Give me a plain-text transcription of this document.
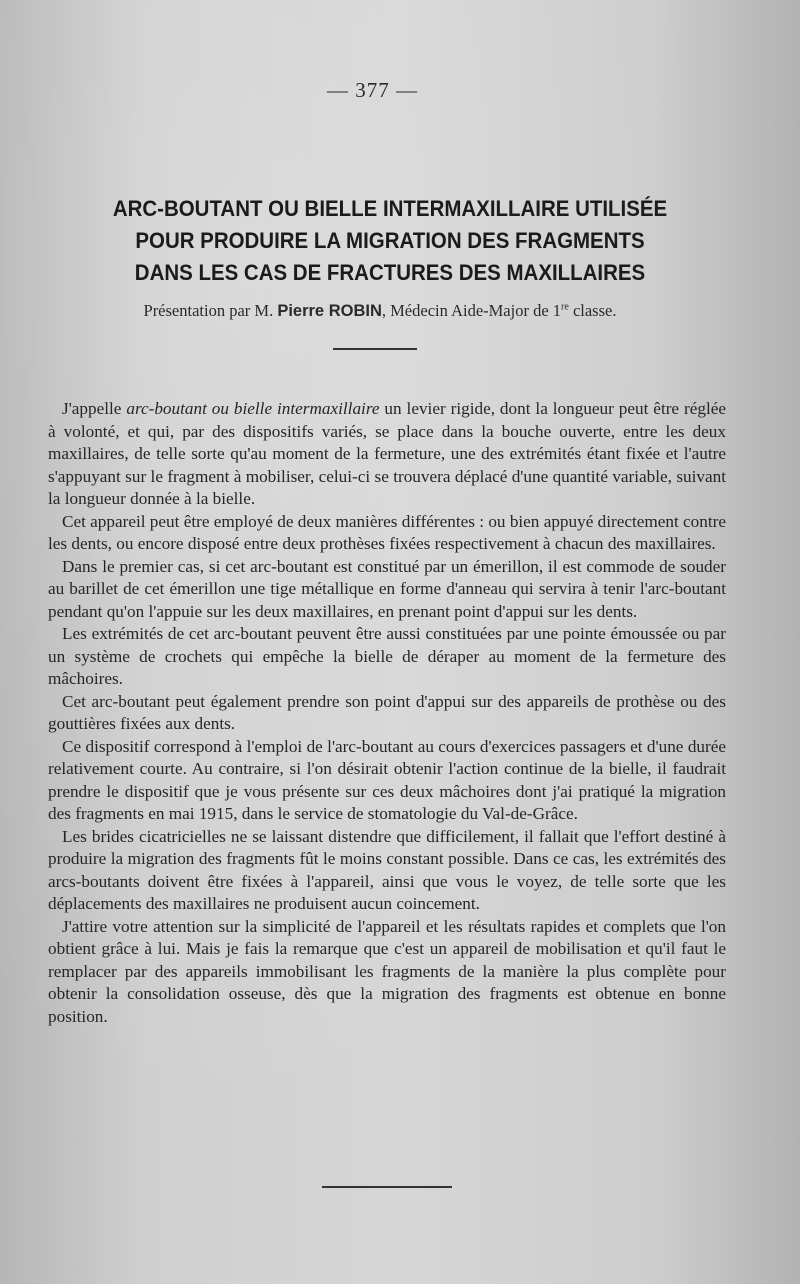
— 377 —
ARC-BOUTANT OU BIELLE INTERMAXILLAIRE UTILISÉE
POUR PRODUIRE LA MIGRATION DES FRAGMENTS
DANS LES CAS DE FRACTURES DES MAXILLAIRES
Présentation par M. Pierre ROBIN, Médecin Aide-Major de 1re classe.

J'appelle arc-boutant ou bielle intermaxillaire un levier rigide, dont la longueur peut être réglée à volonté, et qui, par des dispositifs variés, se place dans la bouche ouverte, entre les deux maxillaires, de telle sorte qu'au moment de la fermeture, une des extrémités étant fixée et l'autre s'appuyant sur le fragment à mobiliser, celui-ci se trouvera déplacé d'une quantité variable, suivant la longueur donnée à la bielle.

Cet appareil peut être employé de deux manières différentes : ou bien appuyé directement contre les dents, ou encore disposé entre deux prothèses fixées respectivement à chacun des maxillaires.

Dans le premier cas, si cet arc-boutant est constitué par un émerillon, il est commode de souder au barillet de cet émerillon une tige métallique en forme d'anneau qui servira à tenir l'arc-boutant pendant qu'on l'appuie sur les deux maxillaires, en prenant point d'appui sur les dents.

Les extrémités de cet arc-boutant peuvent être aussi constituées par une pointe émoussée ou par un système de crochets qui empêche la bielle de déraper au moment de la fermeture des mâchoires.

Cet arc-boutant peut également prendre son point d'appui sur des appareils de prothèse ou des gouttières fixées aux dents.

Ce dispositif correspond à l'emploi de l'arc-boutant au cours d'exercices passagers et d'une durée relativement courte. Au contraire, si l'on désirait obtenir l'action continue de la bielle, il faudrait prendre le dispositif que je vous présente sur ces deux mâchoires dont j'ai pratiqué la migration des fragments en mai 1915, dans le service de stomatologie du Val-de-Grâce.

Les brides cicatricielles ne se laissant distendre que difficilement, il fallait que l'effort destiné à produire la migration des fragments fût le moins constant possible. Dans ce cas, les extrémités des arcs-boutants doivent être fixées à l'appareil, ainsi que vous le voyez, de telle sorte que les déplacements des maxillaires ne produisent aucun coincement.

J'attire votre attention sur la simplicité de l'appareil et les résultats rapides et complets que l'on obtient grâce à lui. Mais je fais la remarque que c'est un appareil de mobilisation et qu'il faut le remplacer par des appareils immobilisant les fragments de la manière la plus complète pour obtenir la consolidation osseuse, dès que la migration des fragments est obtenue en bonne position.
